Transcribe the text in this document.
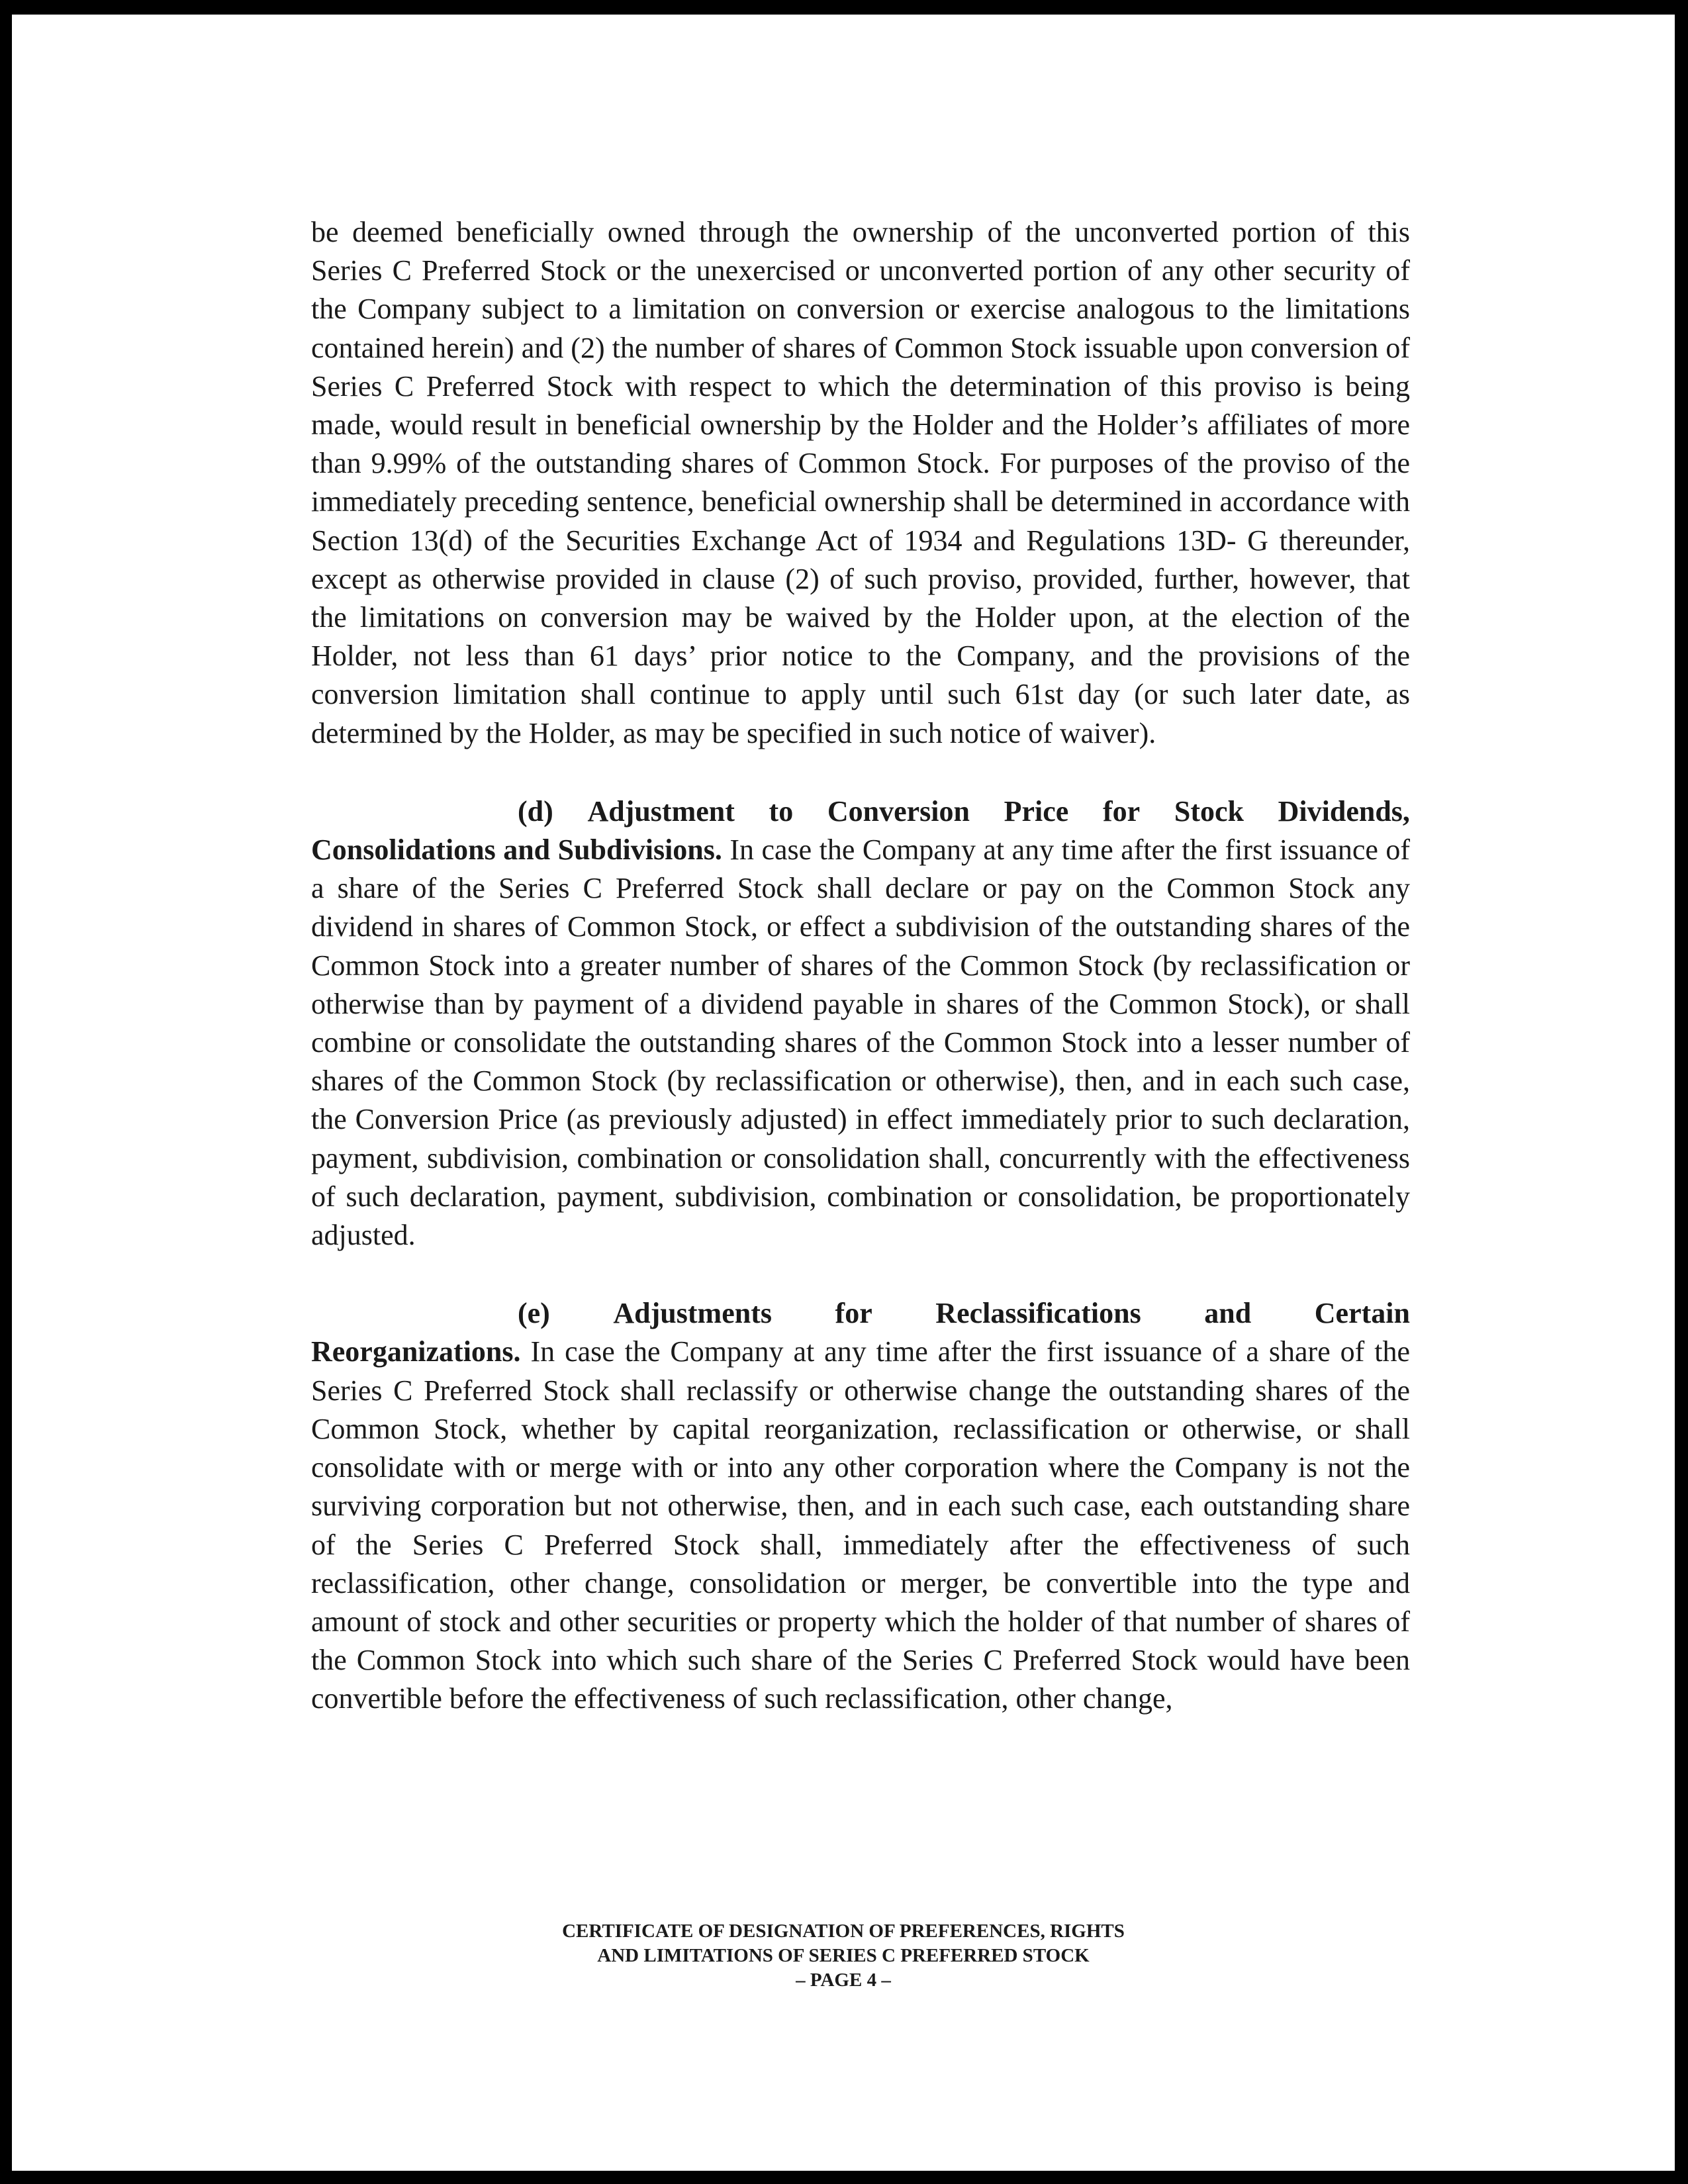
be deemed beneficially owned through the ownership of the unconverted portion of this Series C Preferred Stock or the unexercised or unconverted portion of any other security of the Company subject to a limitation on conversion or exercise analogous to the limitations contained herein) and (2) the number of shares of Common Stock issuable upon conversion of Series C Preferred Stock with respect to which the determination of this proviso is being made, would result in beneficial ownership by the Holder and the Holder’s affiliates of more than 9.99% of the outstanding shares of Common Stock. For purposes of the proviso of the immediately preceding sentence, beneficial ownership shall be determined in accordance with Section 13(d) of the Securities Exchange Act of 1934 and Regulations 13D- G thereunder, except as otherwise provided in clause (2) of such proviso, provided, further, however, that the limitations on conversion may be waived by the Holder upon, at the election of the Holder, not less than 61 days’ prior notice to the Company, and the provisions of the conversion limitation shall continue to apply until such 61st day (or such later date, as determined by the Holder, as may be specified in such notice of waiver).

(d) Adjustment to Conversion Price for Stock Dividends,

Consolidations and Subdivisions. In case the Company at any time after the first issuance of a share of the Series C Preferred Stock shall declare or pay on the Common Stock any dividend in shares of Common Stock, or effect a subdivision of the outstanding shares of the Common Stock into a greater number of shares of the Common Stock (by reclassification or otherwise than by payment of a dividend payable in shares of the Common Stock), or shall combine or consolidate the outstanding shares of the Common Stock into a lesser number of shares of the Common Stock (by reclassification or otherwise), then, and in each such case, the Conversion Price (as previously adjusted) in effect immediately prior to such declaration, payment, subdivision, combination or consolidation shall, concurrently with the effectiveness of such declaration, payment, subdivision, combination or consolidation, be proportionately adjusted.

(e) Adjustments for Reclassifications and Certain

Reorganizations. In case the Company at any time after the first issuance of a share of the Series C Preferred Stock shall reclassify or otherwise change the outstanding shares of the Common Stock, whether by capital reorganization, reclassification or otherwise, or shall consolidate with or merge with or into any other corporation where the Company is not the surviving corporation but not otherwise, then, and in each such case, each outstanding share of the Series C Preferred Stock shall, immediately after the effectiveness of such reclassification, other change, consolidation or merger, be convertible into the type and amount of stock and other securities or property which the holder of that number of shares of the Common Stock into which such share of the Series C Preferred Stock would have been convertible before the effectiveness of such reclassification, other change,

CERTIFICATE OF DESIGNATION OF PREFERENCES, RIGHTS
AND LIMITATIONS OF SERIES C PREFERRED STOCK
– PAGE 4 –
